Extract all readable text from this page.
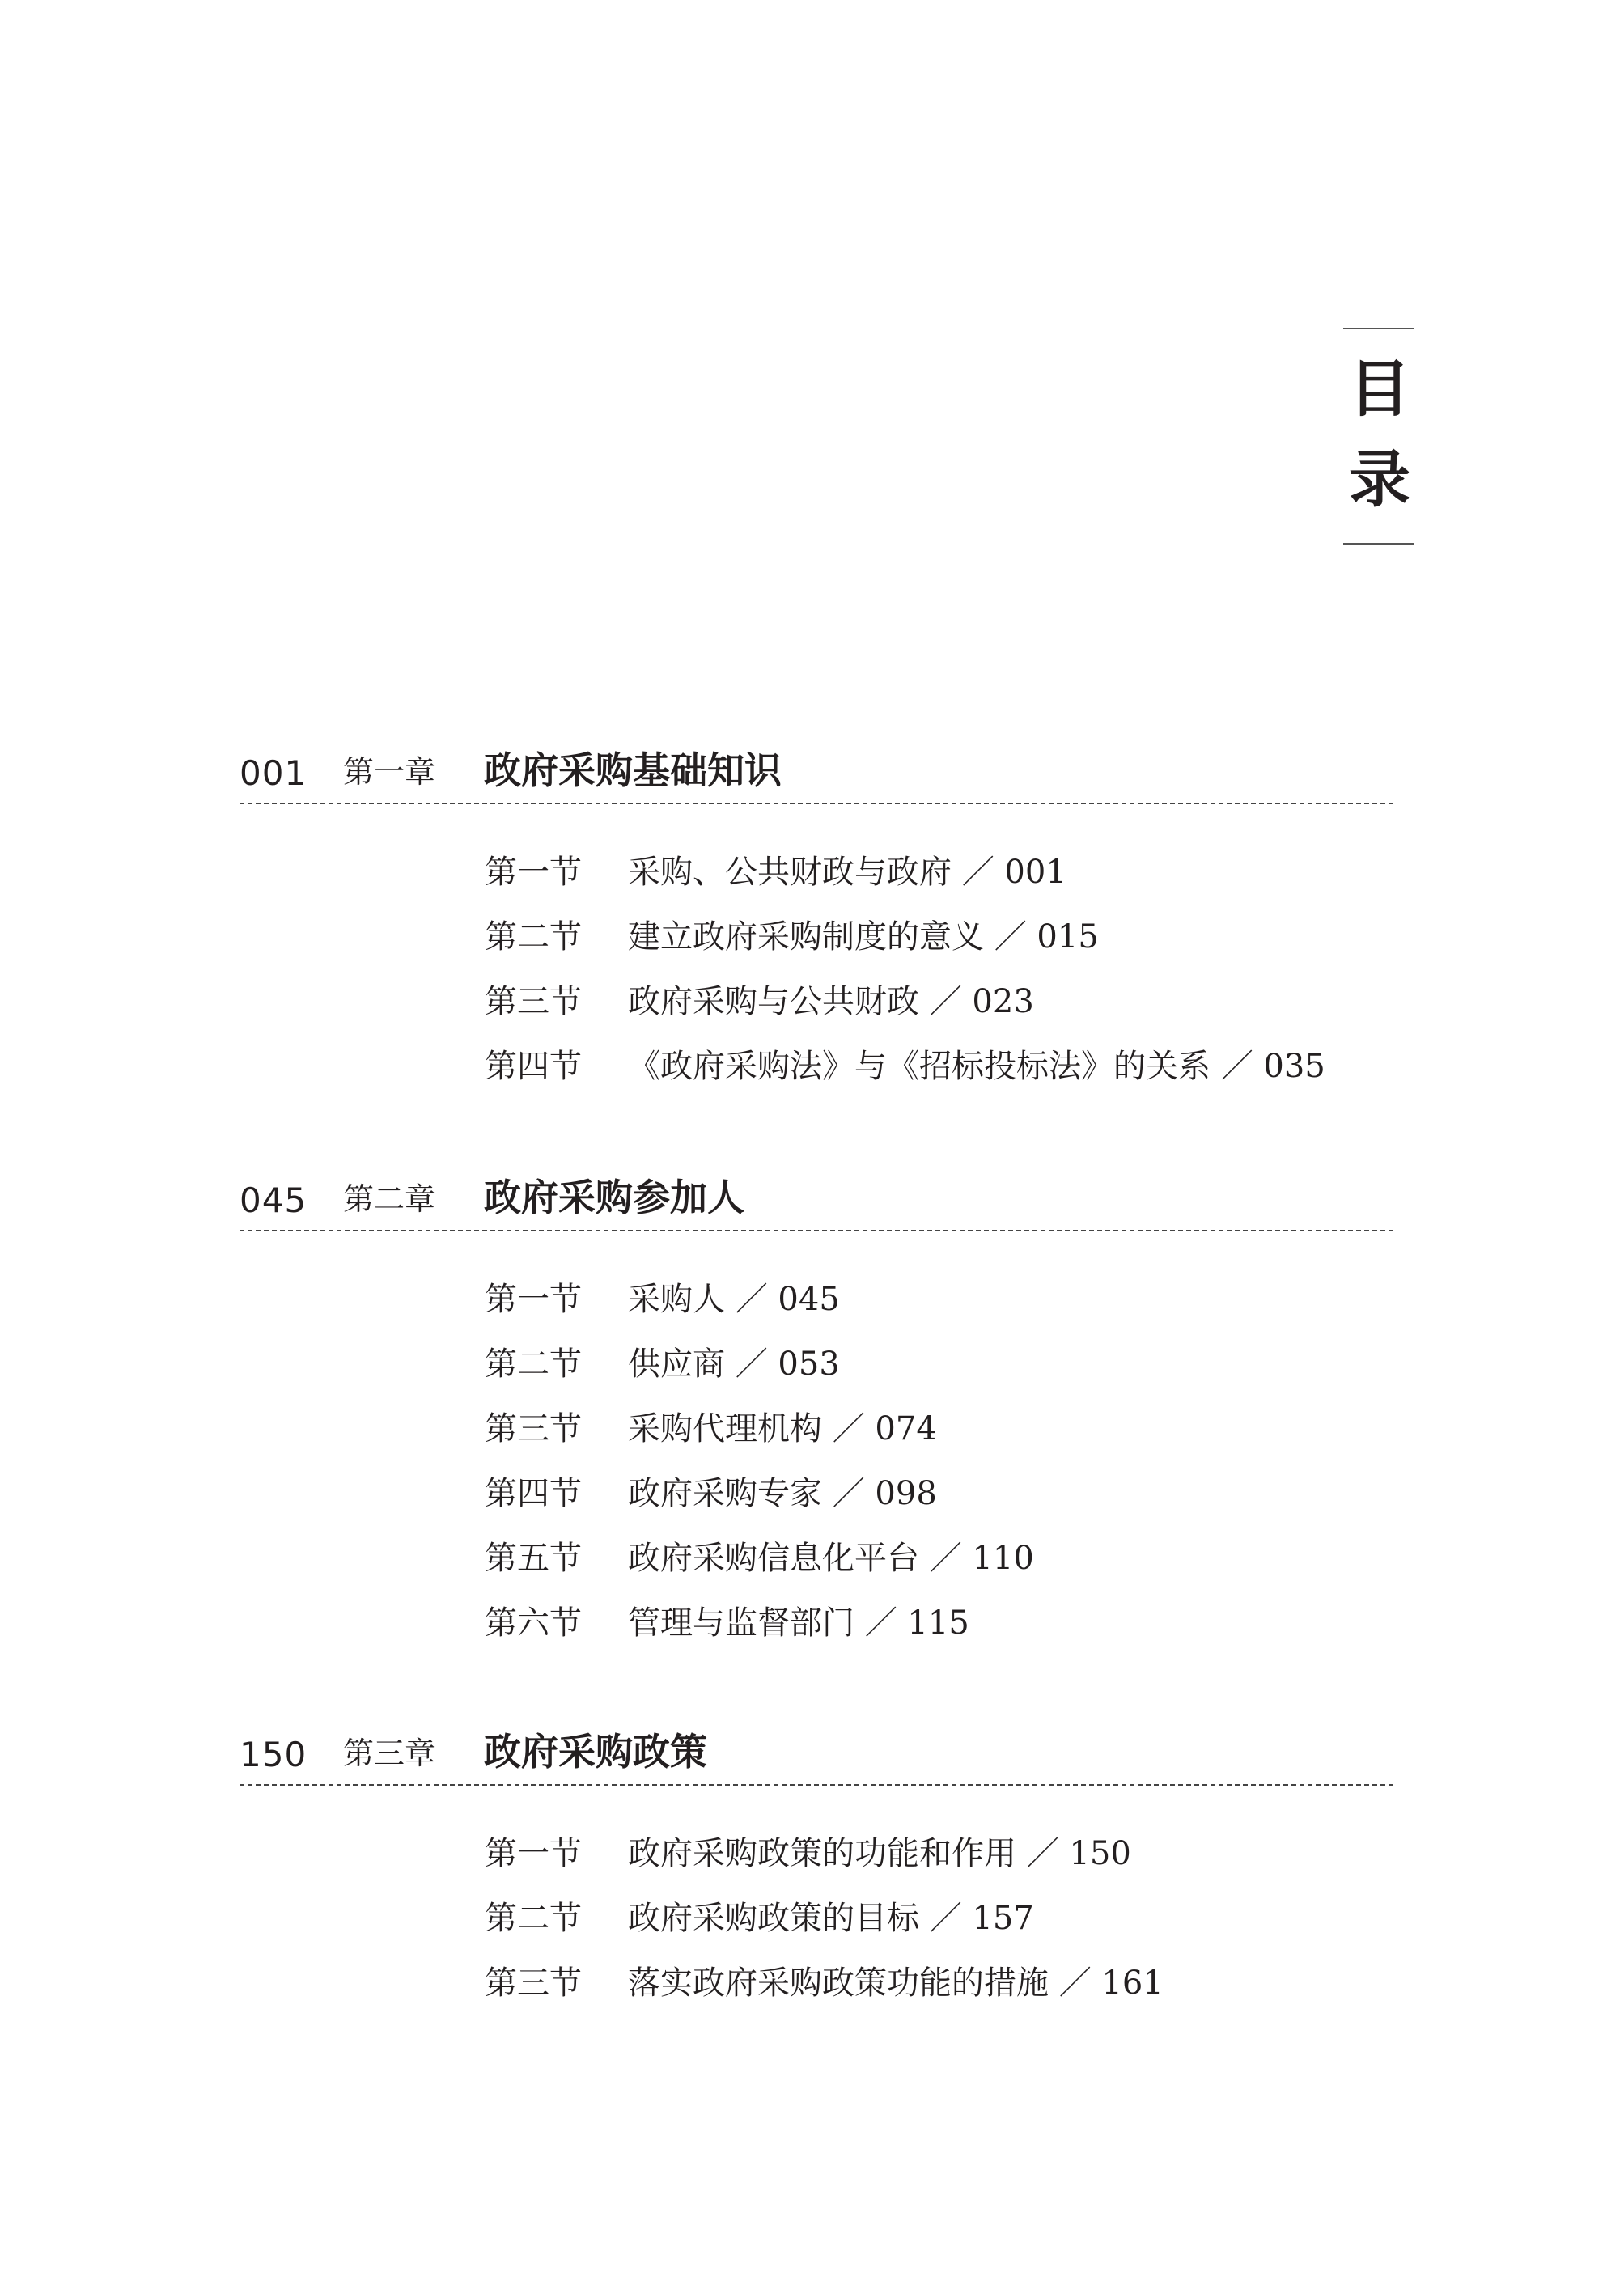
目
录
001 第一章 政府采购基础知识
第一节 采购、公共财政与政府 ／ 001
第二节 建立政府采购制度的意义 ／ 015
第三节 政府采购与公共财政 ／ 023
第四节 《政府采购法》与《招标投标法》的关系 ／ 035
045 第二章 政府采购参加人
第一节 采购人 ／ 045
第二节 供应商 ／ 053
第三节 采购代理机构 ／ 074
第四节 政府采购专家 ／ 098
第五节 政府采购信息化平台 ／ 110
第六节 管理与监督部门 ／ 115
150 第三章 政府采购政策
第一节 政府采购政策的功能和作用 ／ 150
第二节 政府采购政策的目标 ／ 157
第三节 落实政府采购政策功能的措施 ／ 161
